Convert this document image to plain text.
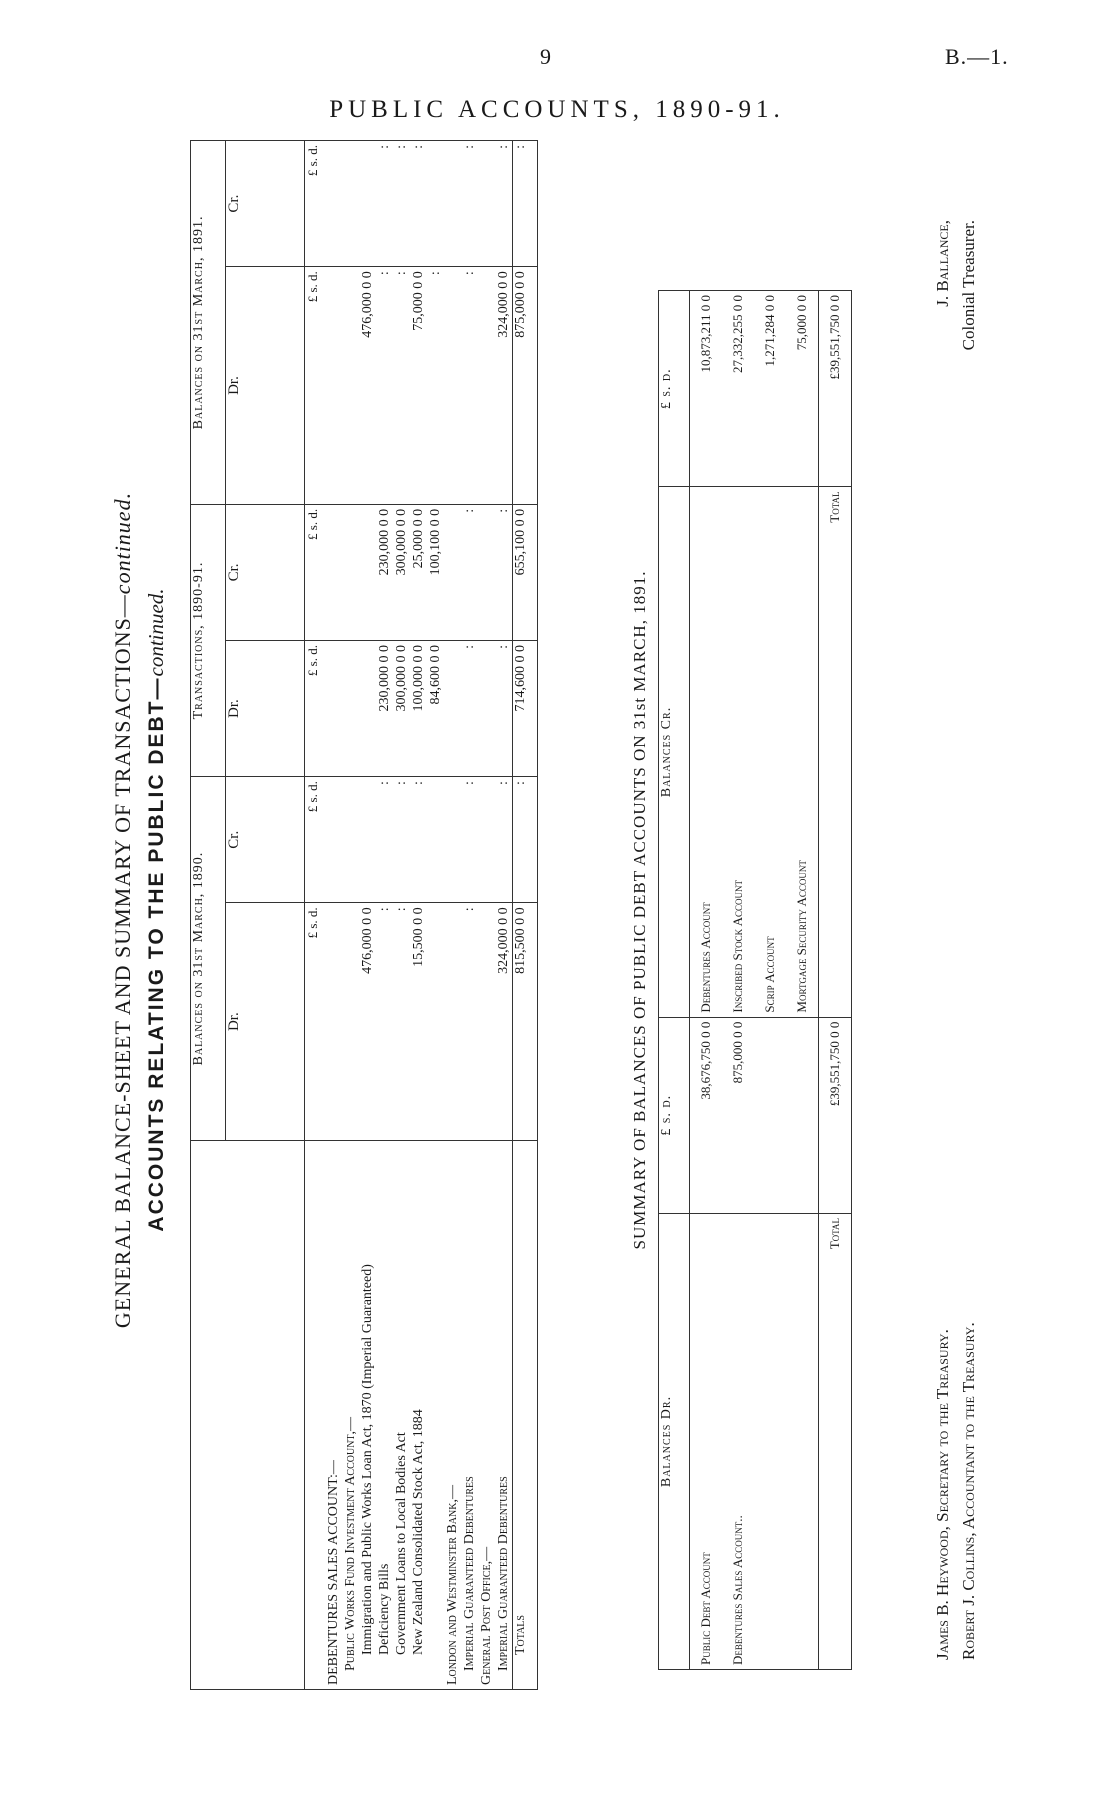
9	B.—1.
PUBLIC ACCOUNTS, 1890-91.
GENERAL BALANCE-SHEET AND SUMMARY OF TRANSACTIONS—continued.
ACCOUNTS RELATING TO THE PUBLIC DEBT—continued.
	Balances on 31st March, 1890.		Transactions, 1890-91.		Balances on 31st March, 1891.	
	Dr.	Cr.	Dr.	Cr.	Dr.	Cr.
	£ s. d.	£ s. d.	£ s. d.	£ s. d.	£ s. d.	£ s. d.
DEBENTURES SALES ACCOUNT:—						
Public Works Fund Investment Account,—						
Immigration and Public Works Loan Act, 1870 (Imperial Guaranteed)	476,000 0 0				476,000 0 0	
Deficiency Bills	:	:	230,000 0 0	230,000 0 0	:	:
Government Loans to Local Bodies Act	:	:	300,000 0 0	300,000 0 0	:	:
New Zealand Consolidated Stock Act, 1884	15,500 0 0	:	100,000 0 0	25,000 0 0	75,000 0 0	:
			84,600 0 0	100,100 0 0	:	
London and Westminster Bank,—						
Imperial Guaranteed Debentures	:	:	:	:	:	:
General Post Office,—						
Imperial Guaranteed Debentures	324,000 0 0	:	:	:	324,000 0 0	:
Totals	815,500 0 0	:	714,600 0 0	655,100 0 0	875,000 0 0	:
SUMMARY OF BALANCES OF PUBLIC DEBT ACCOUNTS ON 31st MARCH, 1891.
Balances Dr.	£ s. d.	Balances Cr.	£ s. d.
Public Debt Account	38,676,750 0 0	Debentures Account	10,873,211 0 0
Debentures Sales Account..	875,000 0 0	Inscribed Stock Account	27,332,255 0 0
		Scrip Account	1,271,284 0 0
		Mortgage Security Account	75,000 0 0
Total	£39,551,750 0 0	Total	£39,551,750 0 0
James B. Heywood, Secretary to the Treasury. Robert J. Collins, Accountant to the Treasury.
J. Ballance, Colonial Treasurer.
